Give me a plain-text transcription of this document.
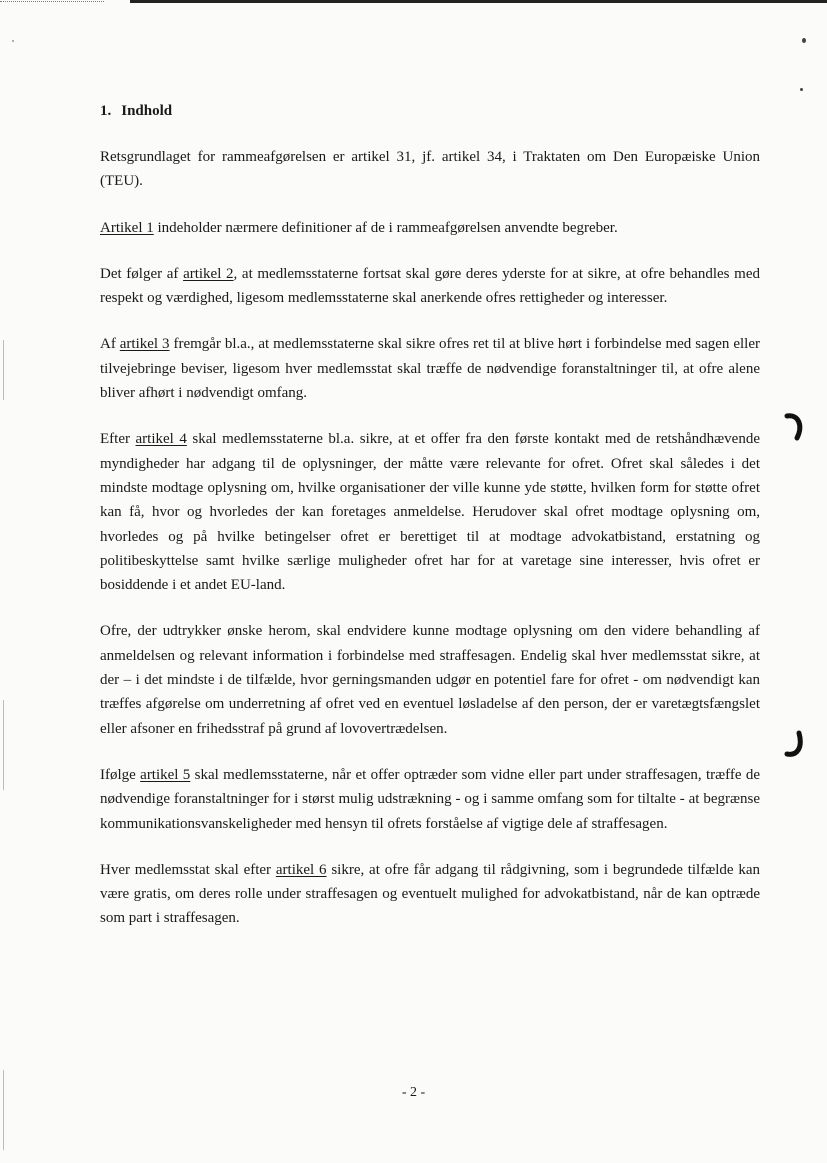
1. Indhold

Retsgrundlaget for rammeafgørelsen er artikel 31, jf. artikel 34, i Traktaten om Den Europæiske Union (TEU).

Artikel 1 indeholder nærmere definitioner af de i rammeafgørelsen anvendte begreber.

Det følger af artikel 2, at medlemsstaterne fortsat skal gøre deres yderste for at sikre, at ofre behandles med respekt og værdighed, ligesom medlemsstaterne skal anerkende ofres rettigheder og interesser.

Af artikel 3 fremgår bl.a., at medlemsstaterne skal sikre ofres ret til at blive hørt i forbindelse med sagen eller tilvejebringe beviser, ligesom hver medlemsstat skal træffe de nødvendige foranstaltninger til, at ofre alene bliver afhørt i nødvendigt omfang.

Efter artikel 4 skal medlemsstaterne bl.a. sikre, at et offer fra den første kontakt med de retshåndhævende myndigheder har adgang til de oplysninger, der måtte være relevante for ofret. Ofret skal således i det mindste modtage oplysning om, hvilke organisationer der ville kunne yde støtte, hvilken form for støtte ofret kan få, hvor og hvorledes der kan foretages anmeldelse. Herudover skal ofret modtage oplysning om, hvorledes og på hvilke betingelser ofret er berettiget til at modtage advokatbistand, erstatning og politibeskyttelse samt hvilke særlige muligheder ofret har for at varetage sine interesser, hvis ofret er bosiddende i et andet EU-land.

Ofre, der udtrykker ønske herom, skal endvidere kunne modtage oplysning om den videre behandling af anmeldelsen og relevant information i forbindelse med straffesagen. Endelig skal hver medlemsstat sikre, at der – i det mindste i de tilfælde, hvor gerningsmanden udgør en potentiel fare for ofret - om nødvendigt kan træffes afgørelse om underretning af ofret ved en eventuel løsladelse af den person, der er varetægtsfængslet eller afsoner en frihedsstraf på grund af lovovertrædelsen.

Ifølge artikel 5 skal medlemsstaterne, når et offer optræder som vidne eller part under straffesagen, træffe de nødvendige foranstaltninger for i størst mulig udstrækning - og i samme omfang som for tiltalte - at begrænse kommunikationsvanskeligheder med hensyn til ofrets forståelse af vigtige dele af straffesagen.

Hver medlemsstat skal efter artikel 6 sikre, at ofre får adgang til rådgivning, som i begrundede tilfælde kan være gratis, om deres rolle under straffesagen og eventuelt mulighed for advokatbistand, når de kan optræde som part i straffesagen.

- 2 -
